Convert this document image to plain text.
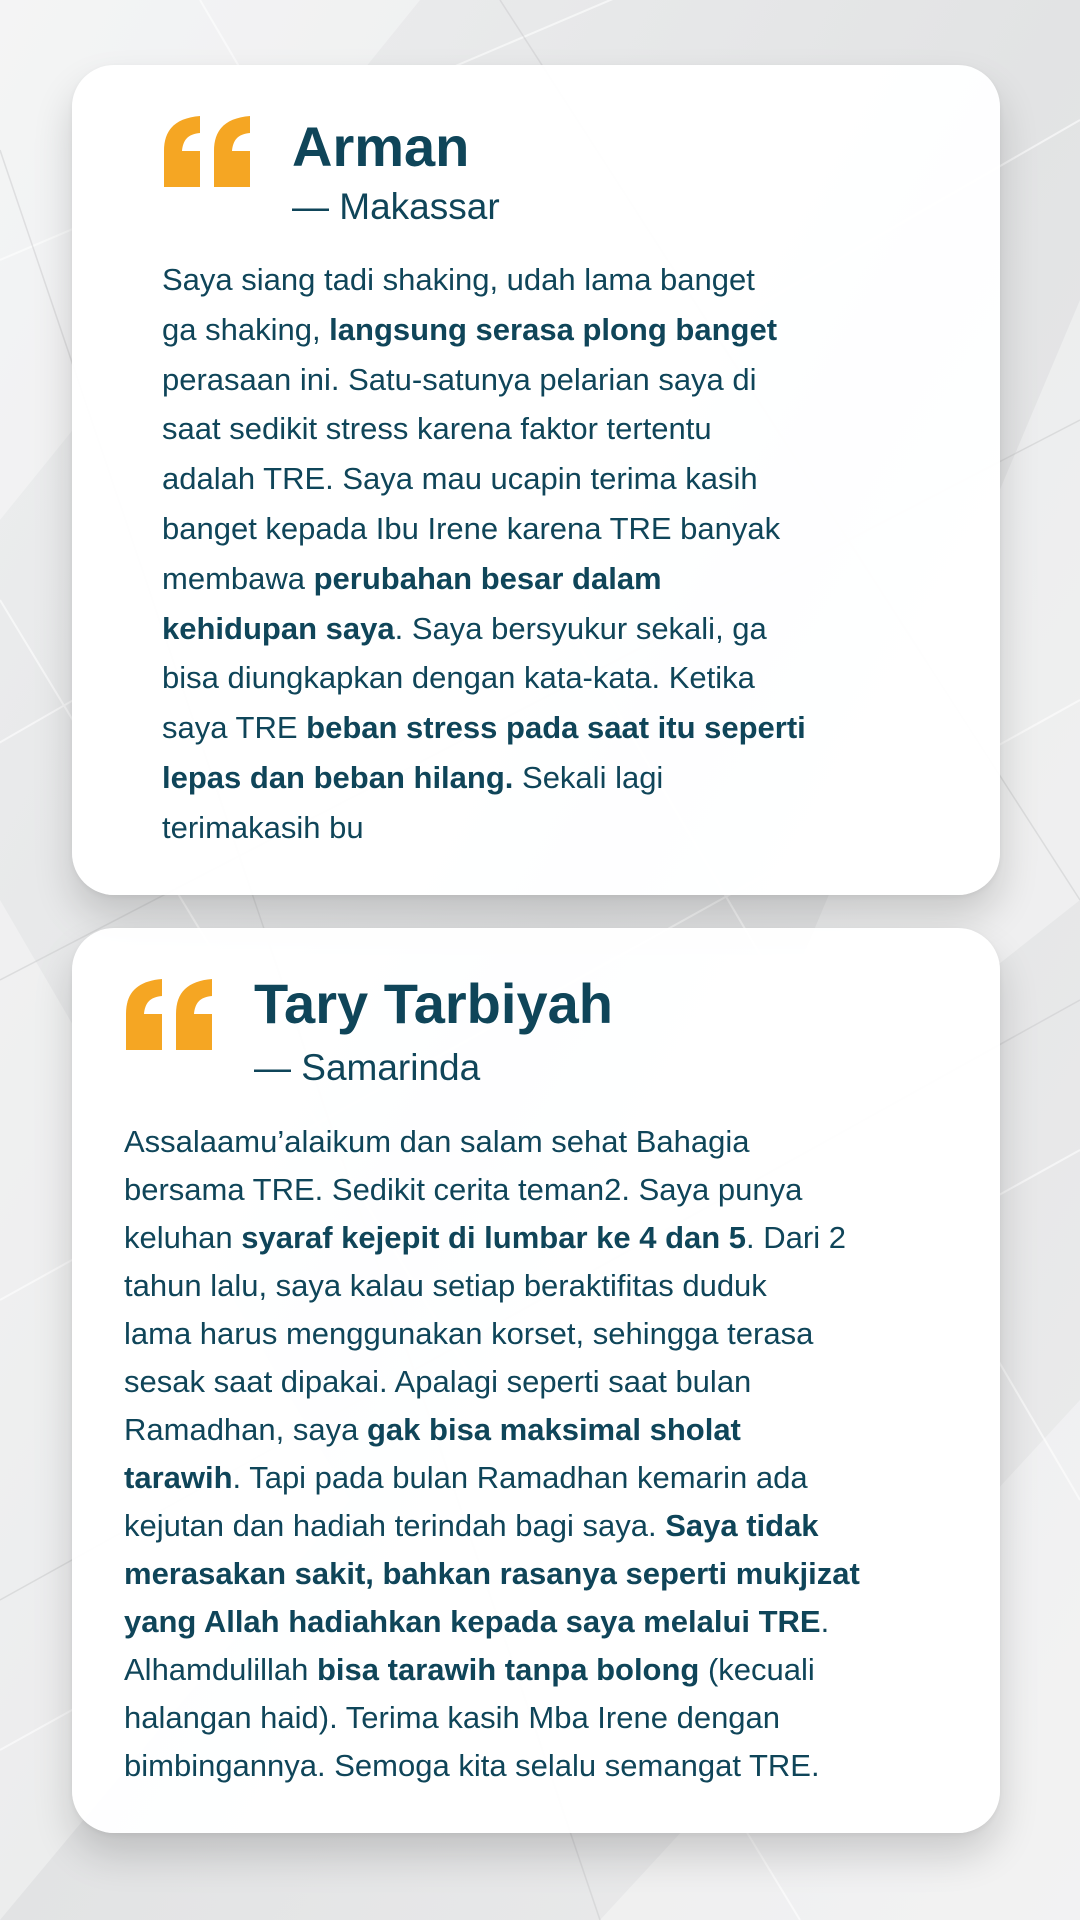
Arman
— Makassar

Saya siang tadi shaking, udah lama banget
ga shaking, langsung serasa plong banget
perasaan ini. Satu-satunya pelarian saya di
saat sedikit stress karena faktor tertentu
adalah TRE. Saya mau ucapin terima kasih
banget kepada Ibu Irene karena TRE banyak
membawa perubahan besar dalam
kehidupan saya. Saya bersyukur sekali, ga
bisa diungkapkan dengan kata-kata. Ketika
saya TRE beban stress pada saat itu seperti
lepas dan beban hilang. Sekali lagi
terimakasih bu

Tary Tarbiyah
— Samarinda

Assalaamu’alaikum dan salam sehat Bahagia
bersama TRE. Sedikit cerita teman2. Saya punya
keluhan syaraf kejepit di lumbar ke 4 dan 5. Dari 2
tahun lalu, saya kalau setiap beraktifitas duduk
lama harus menggunakan korset, sehingga terasa
sesak saat dipakai. Apalagi seperti saat bulan
Ramadhan, saya gak bisa maksimal sholat
tarawih. Tapi pada bulan Ramadhan kemarin ada
kejutan dan hadiah terindah bagi saya. Saya tidak
merasakan sakit, bahkan rasanya seperti mukjizat
yang Allah hadiahkan kepada saya melalui TRE.
Alhamdulillah bisa tarawih tanpa bolong (kecuali
halangan haid). Terima kasih Mba Irene dengan
bimbingannya. Semoga kita selalu semangat TRE.
